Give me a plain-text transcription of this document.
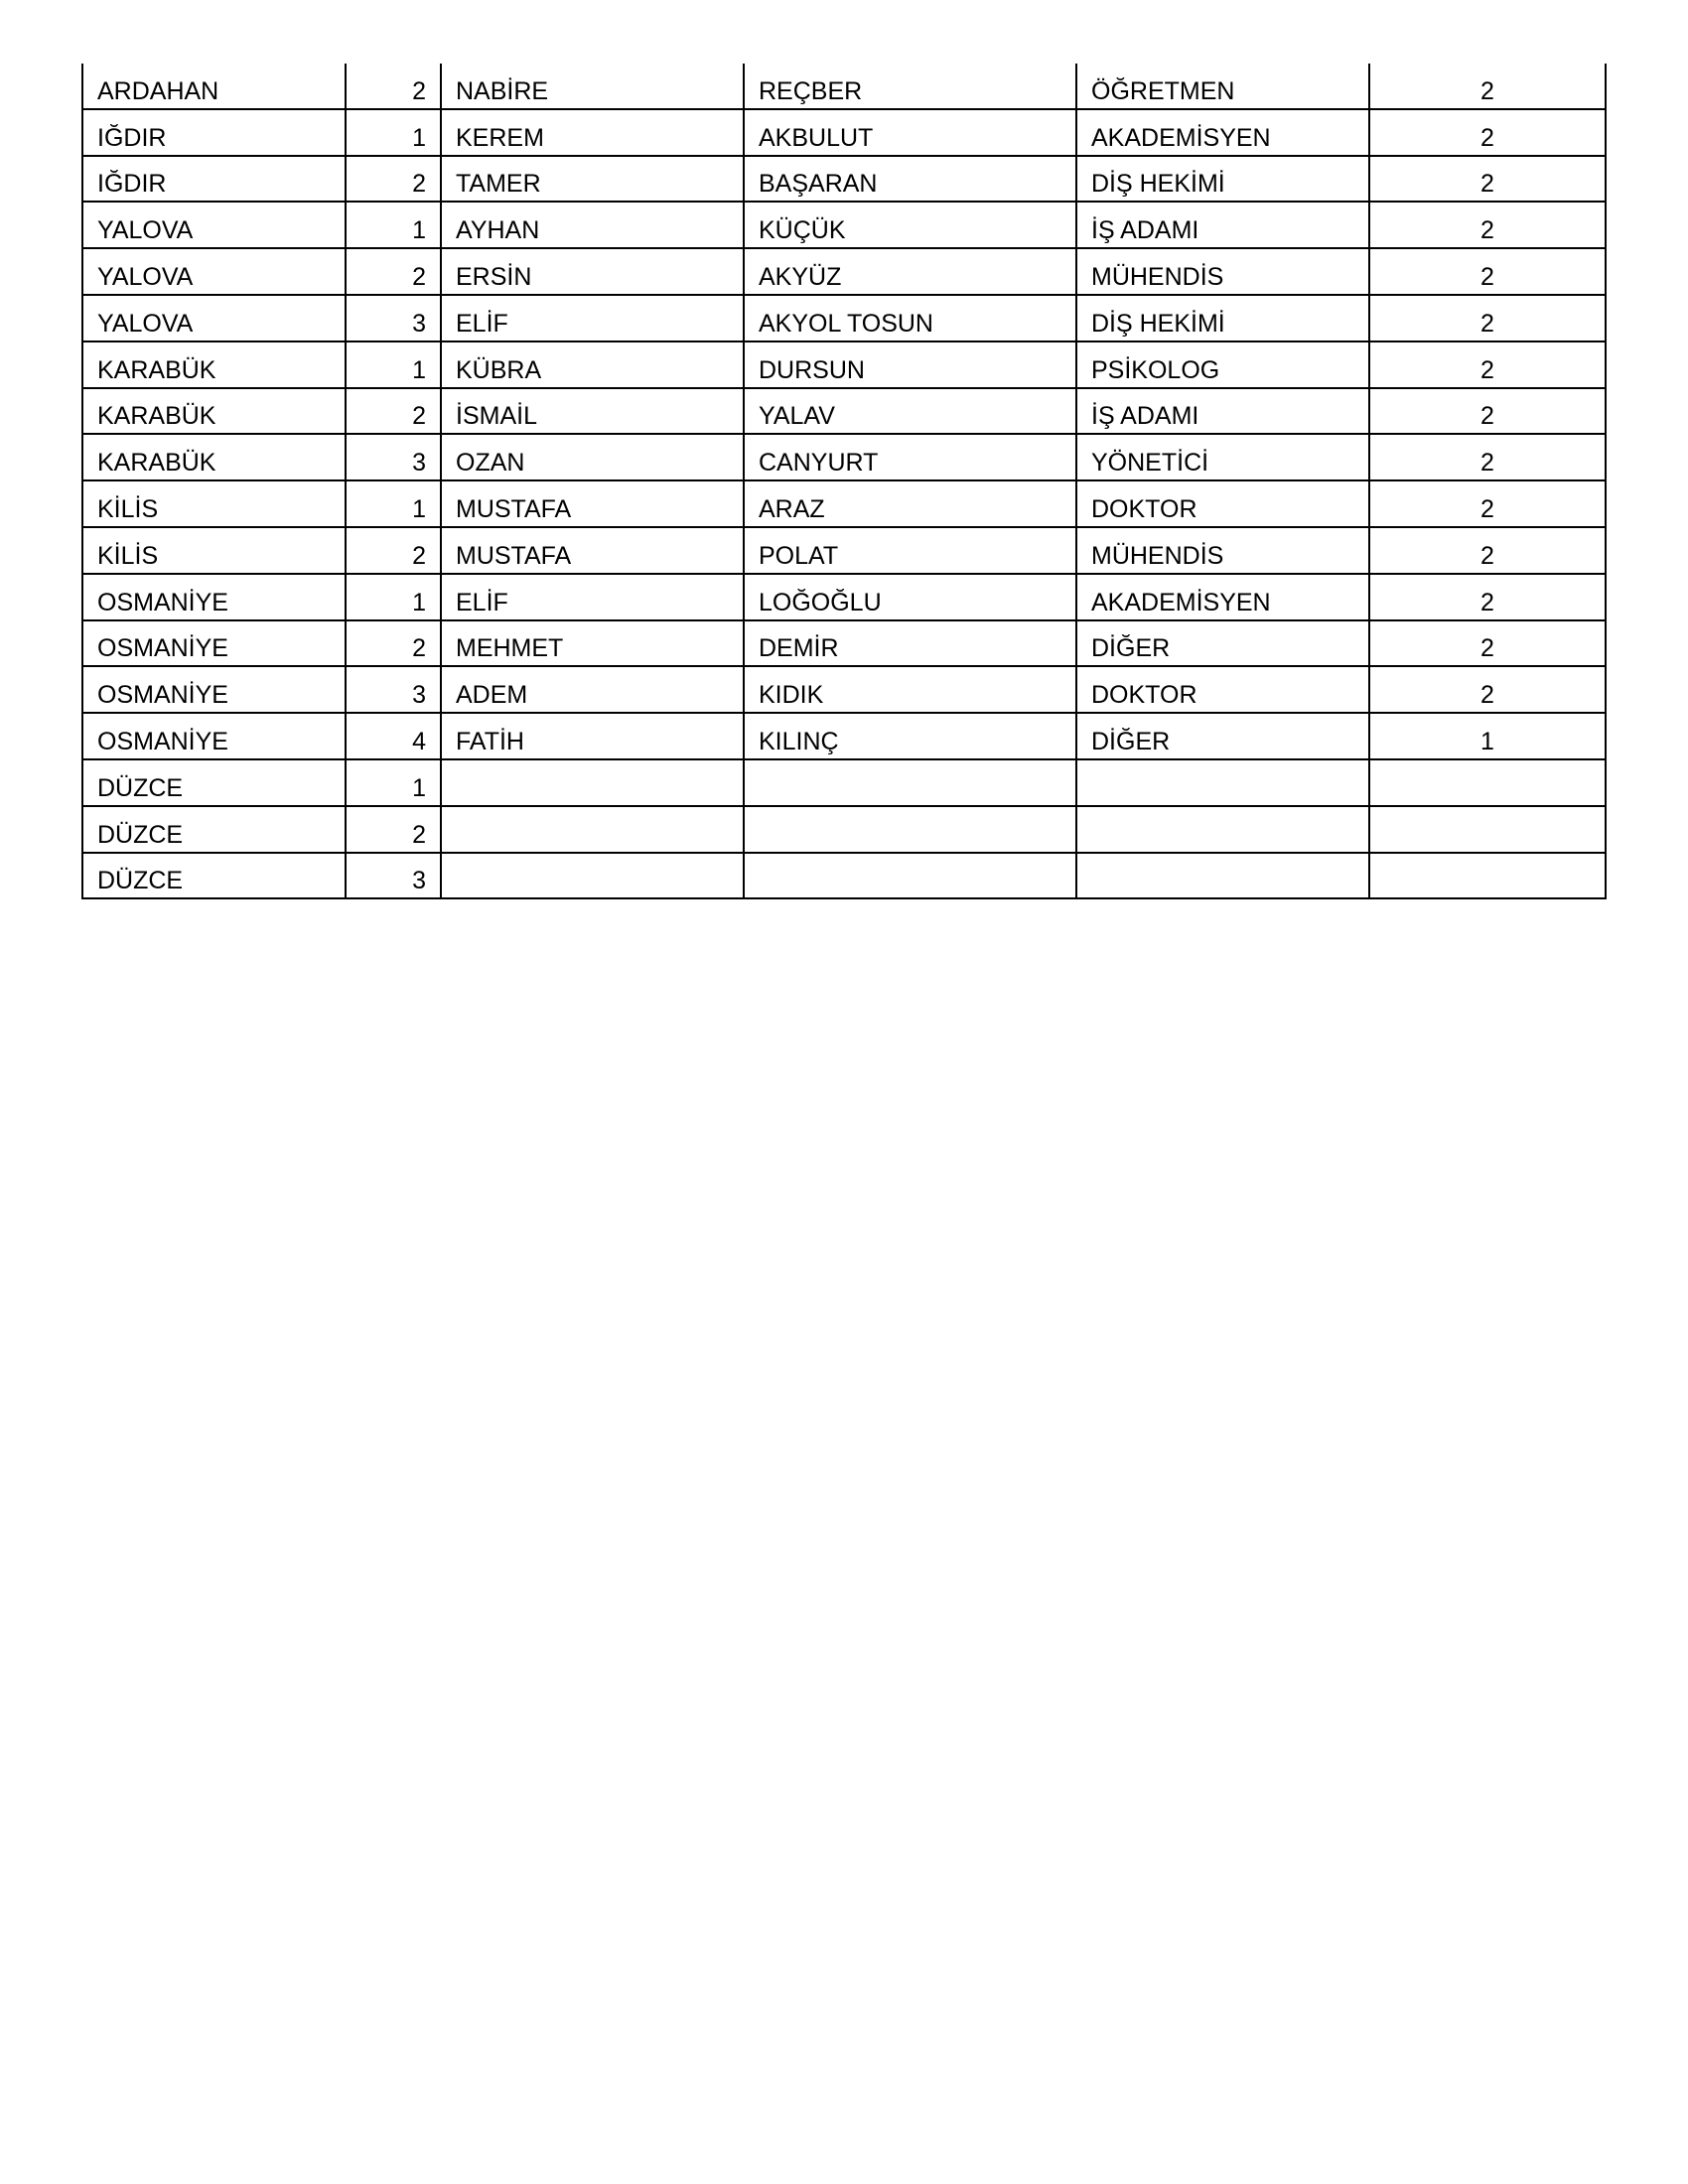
ARDAHAN	2	NABİRE	REÇBER	ÖĞRETMEN	2
IĞDIR	1	KEREM	AKBULUT	AKADEMİSYEN	2
IĞDIR	2	TAMER	BAŞARAN	DİŞ HEKİMİ	2
YALOVA	1	AYHAN	KÜÇÜK	İŞ ADAMI	2
YALOVA	2	ERSİN	AKYÜZ	MÜHENDİS	2
YALOVA	3	ELİF	AKYOL TOSUN	DİŞ HEKİMİ	2
KARABÜK	1	KÜBRA	DURSUN	PSİKOLOG	2
KARABÜK	2	İSMAİL	YALAV	İŞ ADAMI	2
KARABÜK	3	OZAN	CANYURT	YÖNETİCİ	2
KİLİS	1	MUSTAFA	ARAZ	DOKTOR	2
KİLİS	2	MUSTAFA	POLAT	MÜHENDİS	2
OSMANİYE	1	ELİF	LOĞOĞLU	AKADEMİSYEN	2
OSMANİYE	2	MEHMET	DEMİR	DİĞER	2
OSMANİYE	3	ADEM	KIDIK	DOKTOR	2
OSMANİYE	4	FATİH	KILINÇ	DİĞER	1
DÜZCE	1				
DÜZCE	2				
DÜZCE	3				
